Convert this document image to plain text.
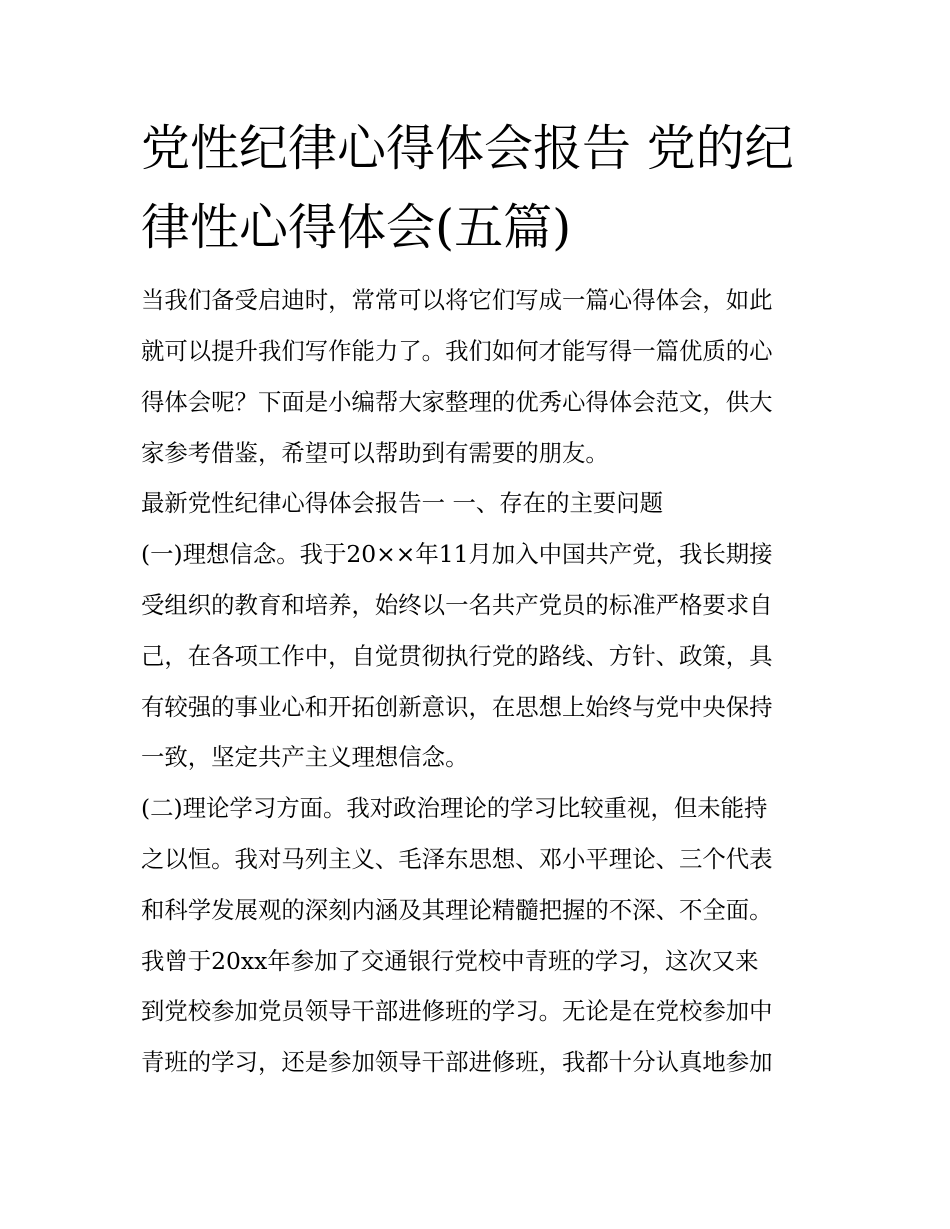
党性纪律心得体会报告 党的纪
律性心得体会(五篇)

当我们备受启迪时，常常可以将它们写成一篇心得体会，如此

就可以提升我们写作能力了。我们如何才能写得一篇优质的心

得体会呢？下面是小编帮大家整理的优秀心得体会范文，供大

家参考借鉴，希望可以帮助到有需要的朋友。

最新党性纪律心得体会报告一 一、存在的主要问题

(一)理想信念。我于20××年11月加入中国共产党，我长期接

受组织的教育和培养，始终以一名共产党员的标准严格要求自

己，在各项工作中，自觉贯彻执行党的路线、方针、政策，具

有较强的事业心和开拓创新意识，在思想上始终与党中央保持

一致，坚定共产主义理想信念。

(二)理论学习方面。我对政治理论的学习比较重视，但未能持

之以恒。我对马列主义、毛泽东思想、邓小平理论、三个代表

和科学发展观的深刻内涵及其理论精髓把握的不深、不全面。

我曾于20xx年参加了交通银行党校中青班的学习，这次又来

到党校参加党员领导干部进修班的学习。无论是在党校参加中

青班的学习，还是参加领导干部进修班，我都十分认真地参加
